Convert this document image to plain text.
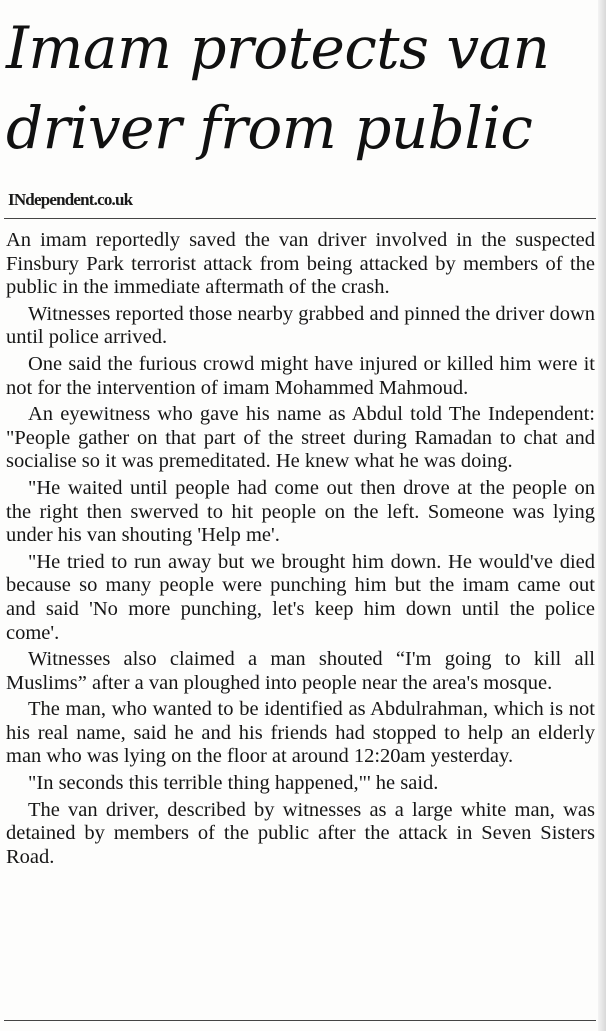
Imam protects van driver from public
INdependent.co.uk

An imam reportedly saved the van driver involved in the suspected Finsbury Park terrorist attack from being attacked by members of the public in the immediate aftermath of the crash.

Witnesses reported those nearby grabbed and pinned the driver down until police arrived.

One said the furious crowd might have injured or killed him were it not for the intervention of imam Mohammed Mahmoud.

An eyewitness who gave his name as Abdul told The Independent: "People gather on that part of the street during Ramadan to chat and socialise so it was premeditated. He knew what he was doing.

"He waited until people had come out then drove at the people on the right then swerved to hit people on the left. Someone was lying under his van shouting 'Help me'.

"He tried to run away but we brought him down. He would've died because so many people were punching him but the imam came out and said 'No more punching, let's keep him down until the police come'.

Witnesses also claimed a man shouted “I'm going to kill all Muslims” after a van ploughed into people near the area's mosque.

The man, who wanted to be identified as Abdulrahman, which is not his real name, said he and his friends had stopped to help an elderly man who was lying on the floor at around 12:20am yesterday.

"In seconds this terrible thing happened,"' he said.

The van driver, described by witnesses as a large white man, was detained by members of the public after the attack in Seven Sisters Road.
